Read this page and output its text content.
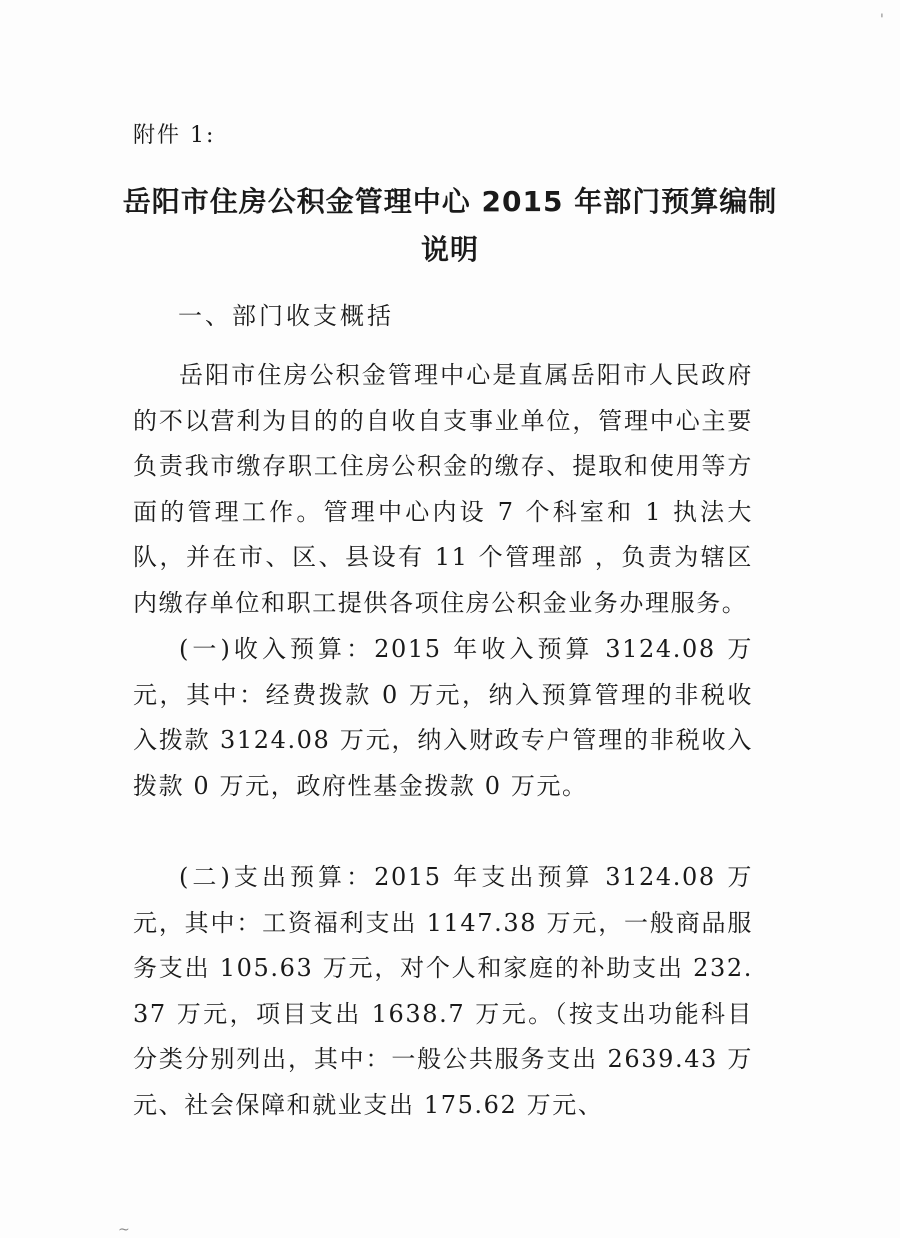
附件 1:
岳阳市住房公积金管理中心 2015 年部门预算编制
说明
一、部门收支概括
岳阳市住房公积金管理中心是直属岳阳市人民政府的不以营利为目的的自收自支事业单位，管理中心主要负责我市缴存职工住房公积金的缴存、提取和使用等方面的管理工作。管理中心内设 7 个科室和 1 执法大队，并在市、区、县设有 11 个管理部 ，负责为辖区内缴存单位和职工提供各项住房公积金业务办理服务。
(一)收入预算：2015 年收入预算 3124.08 万元，其中：经费拨款 0 万元，纳入预算管理的非税收入拨款 3124.08 万元，纳入财政专户管理的非税收入拨款 0 万元，政府性基金拨款 0 万元。
(二)支出预算：2015 年支出预算 3124.08 万元，其中：工资福利支出 1147.38 万元，一般商品服务支出 105.63 万元，对个人和家庭的补助支出 232.37 万元，项目支出 1638.7 万元。（按支出功能科目分类分别列出，其中：一般公共服务支出 2639.43 万元、社会保障和就业支出 175.62 万元、
'
~
